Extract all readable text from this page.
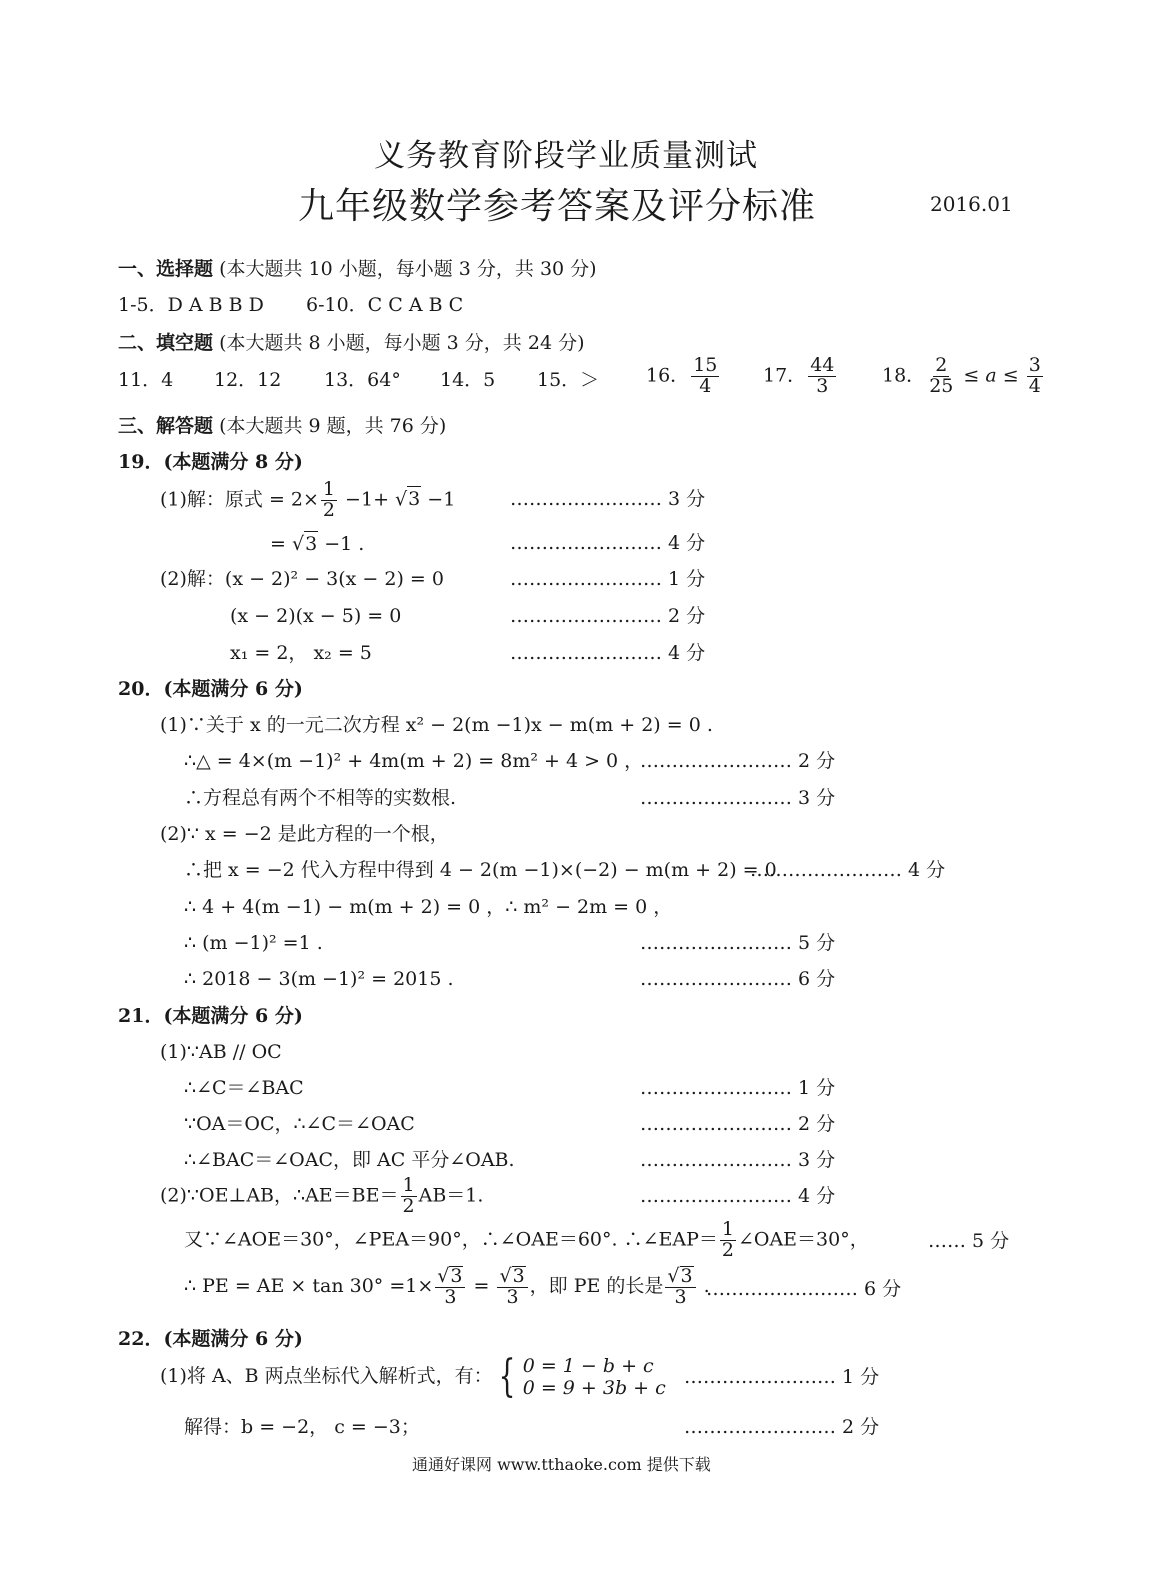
义务教育阶段学业质量测试
九年级数学参考答案及评分标准	2016.01
一、选择题 (本大题共 10 小题，每小题 3 分，共 30 分)
1-5．D A B B D 6-10．C C A B C
二、填空题 (本大题共 8 小题，每小题 3 分，共 24 分)
11．4 12．12 13．64° 14．5 15．＞ 16． $\frac{15}{4} 17$． $\frac{44}{3} 18$． $\frac{2}{25} \le a \le \frac{3}{4}$
三、解答题 (本大题共 9 题，共 76 分)
19．(本题满分 8 分)
(1)解：原式 = $2\times \frac{1}{2} -1+ √3 -1$	…………………… 3 分
= √3 −1 .	…………………… 4 分
(2)解：(x − 2)² − 3(x − 2) = 0	…………………… 1 分
(x − 2)(x − 5) = 0	…………………… 2 分
x₁ = 2， x₂ = 5	…………………… 4 分
20．(本题满分 6 分)
(1)∵关于 x 的一元二次方程 x² − 2(m −1)x − m(m + 2) = 0 .
∴△ = 4×(m −1)² + 4m(m + 2) = 8m² + 4 > 0 ，
…………………… 2 分
∴方程总有两个不相等的实数根.	…………………… 3 分
(2)∵ x = −2 是此方程的一个根，
∴把 x = −2 代入方程中得到 4 − 2(m −1)×(−2) − m(m + 2) = 0
…………………… 4 分
∴ 4 + 4(m −1) − m(m + 2) = 0 ，∴ m² − 2m = 0 ，
∴ (m −1)² =1 .	…………………… 5 分
∴ 2018 − 3(m −1)² = 2015 .	…………………… 6 分
21．(本题满分 6 分)
(1)∵AB // OC
∴∠C＝∠BAC	…………………… 1 分
∵OA＝OC，∴∠C＝∠OAC	…………………… 2 分
∴∠BAC＝∠OAC，即 AC 平分∠OAB.	…………………… 3 分
(2)∵OE⊥AB，∴AE＝BE＝ $\frac{1}{2} AB=1$.	…………………… 4 分
又∵∠AOE＝30°，∠PEA＝90°，∴∠OAE＝60°. ∴∠EAP＝ $\frac{1}{2}$ ∠OAE＝30°，	…… 5 分
∴ PE = AE × $\tan 30^\circ =1\times \frac{√3}{3} = \frac{√3}{3}$ ，即 PE 的长是 $\frac{√3}{3}$ .
…………………… 6 分
22．(本题满分 6 分)
(1)将 A、B 两点坐标代入解析式，有： { 0 = 1 − b + c
0 = 9 + 3b + c …………………… 1 分
解得：b = −2， c = −3；	…………………… 2 分
通通好课网 www.tthaoke.com 提供下载
